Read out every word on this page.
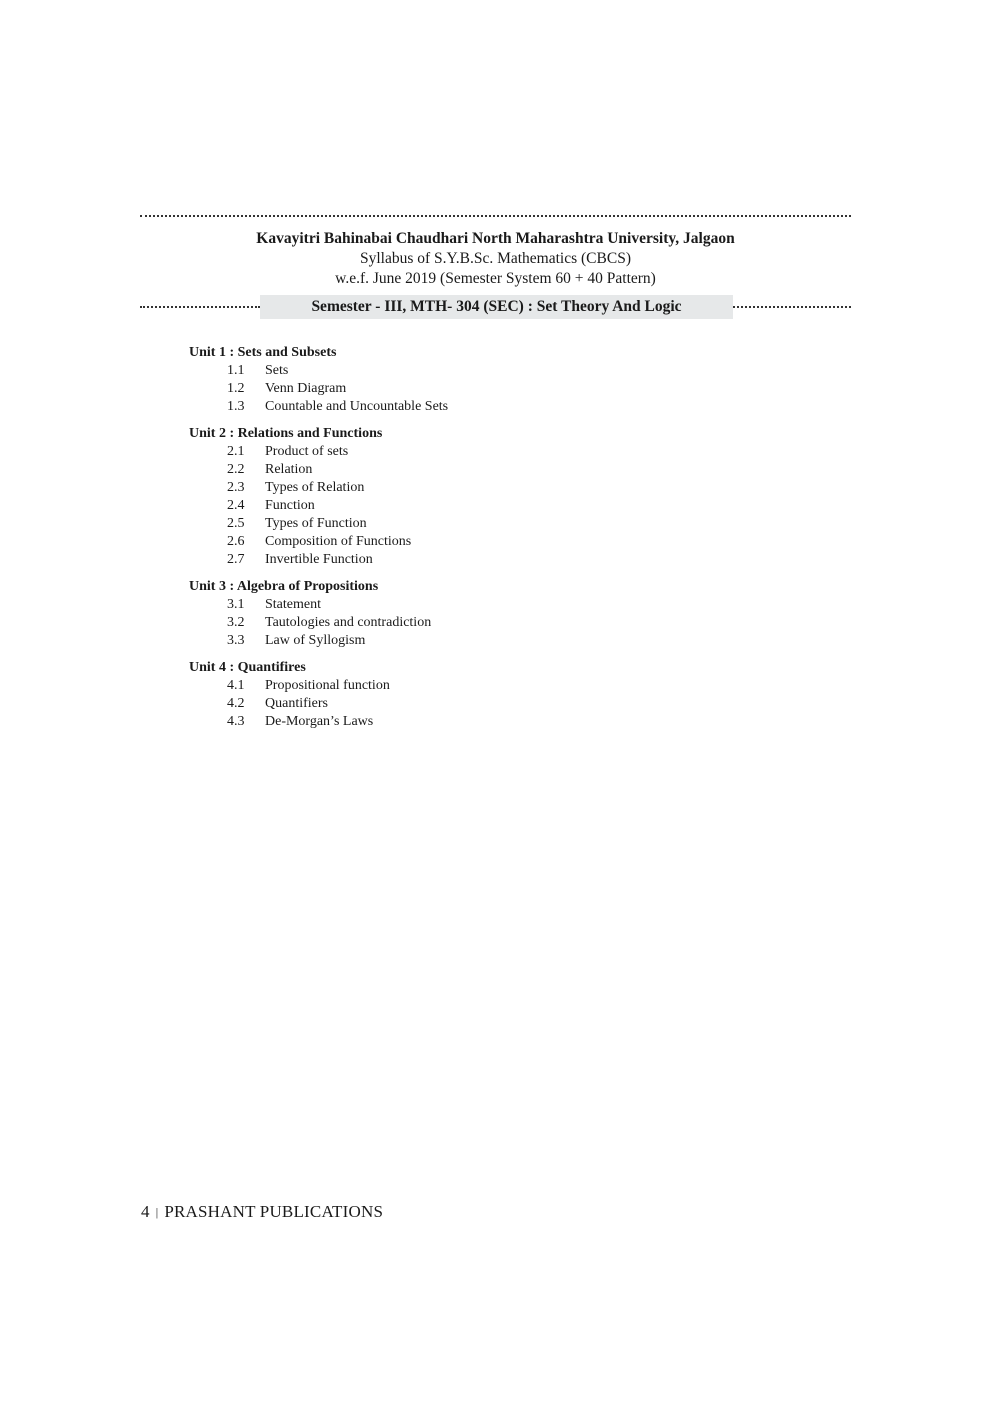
Kavayitri Bahinabai Chaudhari North Maharashtra University, Jalgaon
Syllabus of S.Y.B.Sc. Mathematics (CBCS)
w.e.f. June 2019 (Semester System 60 + 40 Pattern)
Semester - III, MTH- 304 (SEC) : Set Theory And Logic
Unit 1 : Sets and Subsets
1.1	Sets
1.2	Venn Diagram
1.3	Countable and Uncountable Sets
Unit 2 : Relations and Functions
2.1	Product of sets
2.2	Relation
2.3	Types of Relation
2.4	Function
2.5	Types of Function
2.6	Composition of Functions
2.7	Invertible Function
Unit 3 : Algebra of Propositions
3.1	Statement
3.2	Tautologies and contradiction
3.3	Law of Syllogism
Unit 4 : Quantifires
4.1	Propositional function
4.2	Quantifiers
4.3	De-Morgan’s Laws
4 | PRASHANT PUBLICATIONS
